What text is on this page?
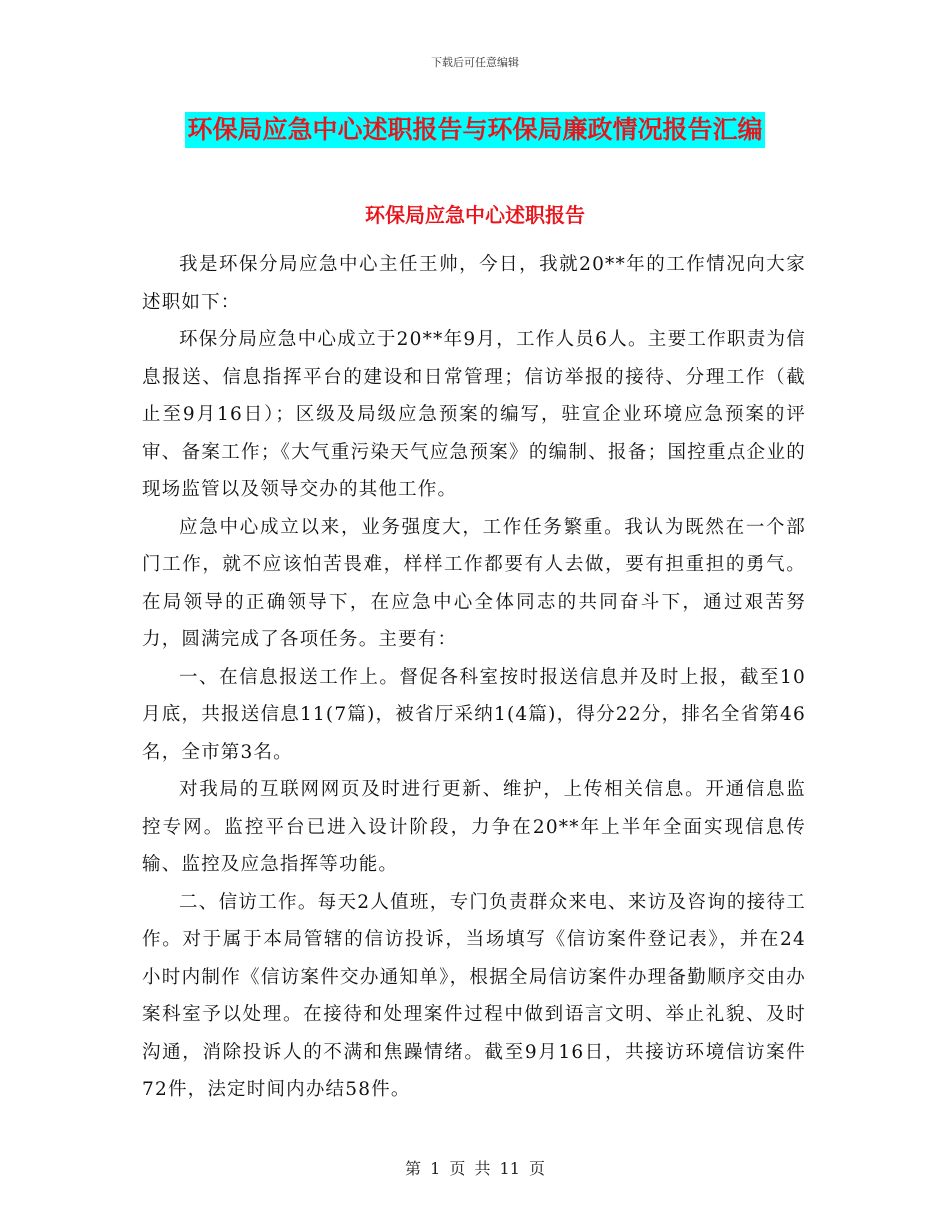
下载后可任意编辑
环保局应急中心述职报告与环保局廉政情况报告汇编
环保局应急中心述职报告

我是环保分局应急中心主任王帅，今日，我就20**年的工作情况向大家述职如下：

环保分局应急中心成立于20**年9月，工作人员6人。主要工作职责为信息报送、信息指挥平台的建设和日常管理；信访举报的接待、分理工作（截止至9月16日）；区级及局级应急预案的编写，驻宣企业环境应急预案的评审、备案工作；《大气重污染天气应急预案》的编制、报备；国控重点企业的现场监管以及领导交办的其他工作。

应急中心成立以来，业务强度大，工作任务繁重。我认为既然在一个部门工作，就不应该怕苦畏难，样样工作都要有人去做，要有担重担的勇气。在局领导的正确领导下，在应急中心全体同志的共同奋斗下，通过艰苦努力，圆满完成了各项任务。主要有：

一、在信息报送工作上。督促各科室按时报送信息并及时上报，截至10月底，共报送信息11(7篇)，被省厅采纳1(4篇)，得分22分，排名全省第46名，全市第3名。

对我局的互联网网页及时进行更新、维护，上传相关信息。开通信息监控专网。监控平台已进入设计阶段，力争在20**年上半年全面实现信息传输、监控及应急指挥等功能。

二、信访工作。每天2人值班，专门负责群众来电、来访及咨询的接待工作。对于属于本局管辖的信访投诉，当场填写《信访案件登记表》，并在24小时内制作《信访案件交办通知单》，根据全局信访案件办理备勤顺序交由办案科室予以处理。在接待和处理案件过程中做到语言文明、举止礼貌、及时沟通，消除投诉人的不满和焦躁情绪。截至9月16日，共接访环境信访案件72件，法定时间内办结58件。

第 1 页 共 11 页
